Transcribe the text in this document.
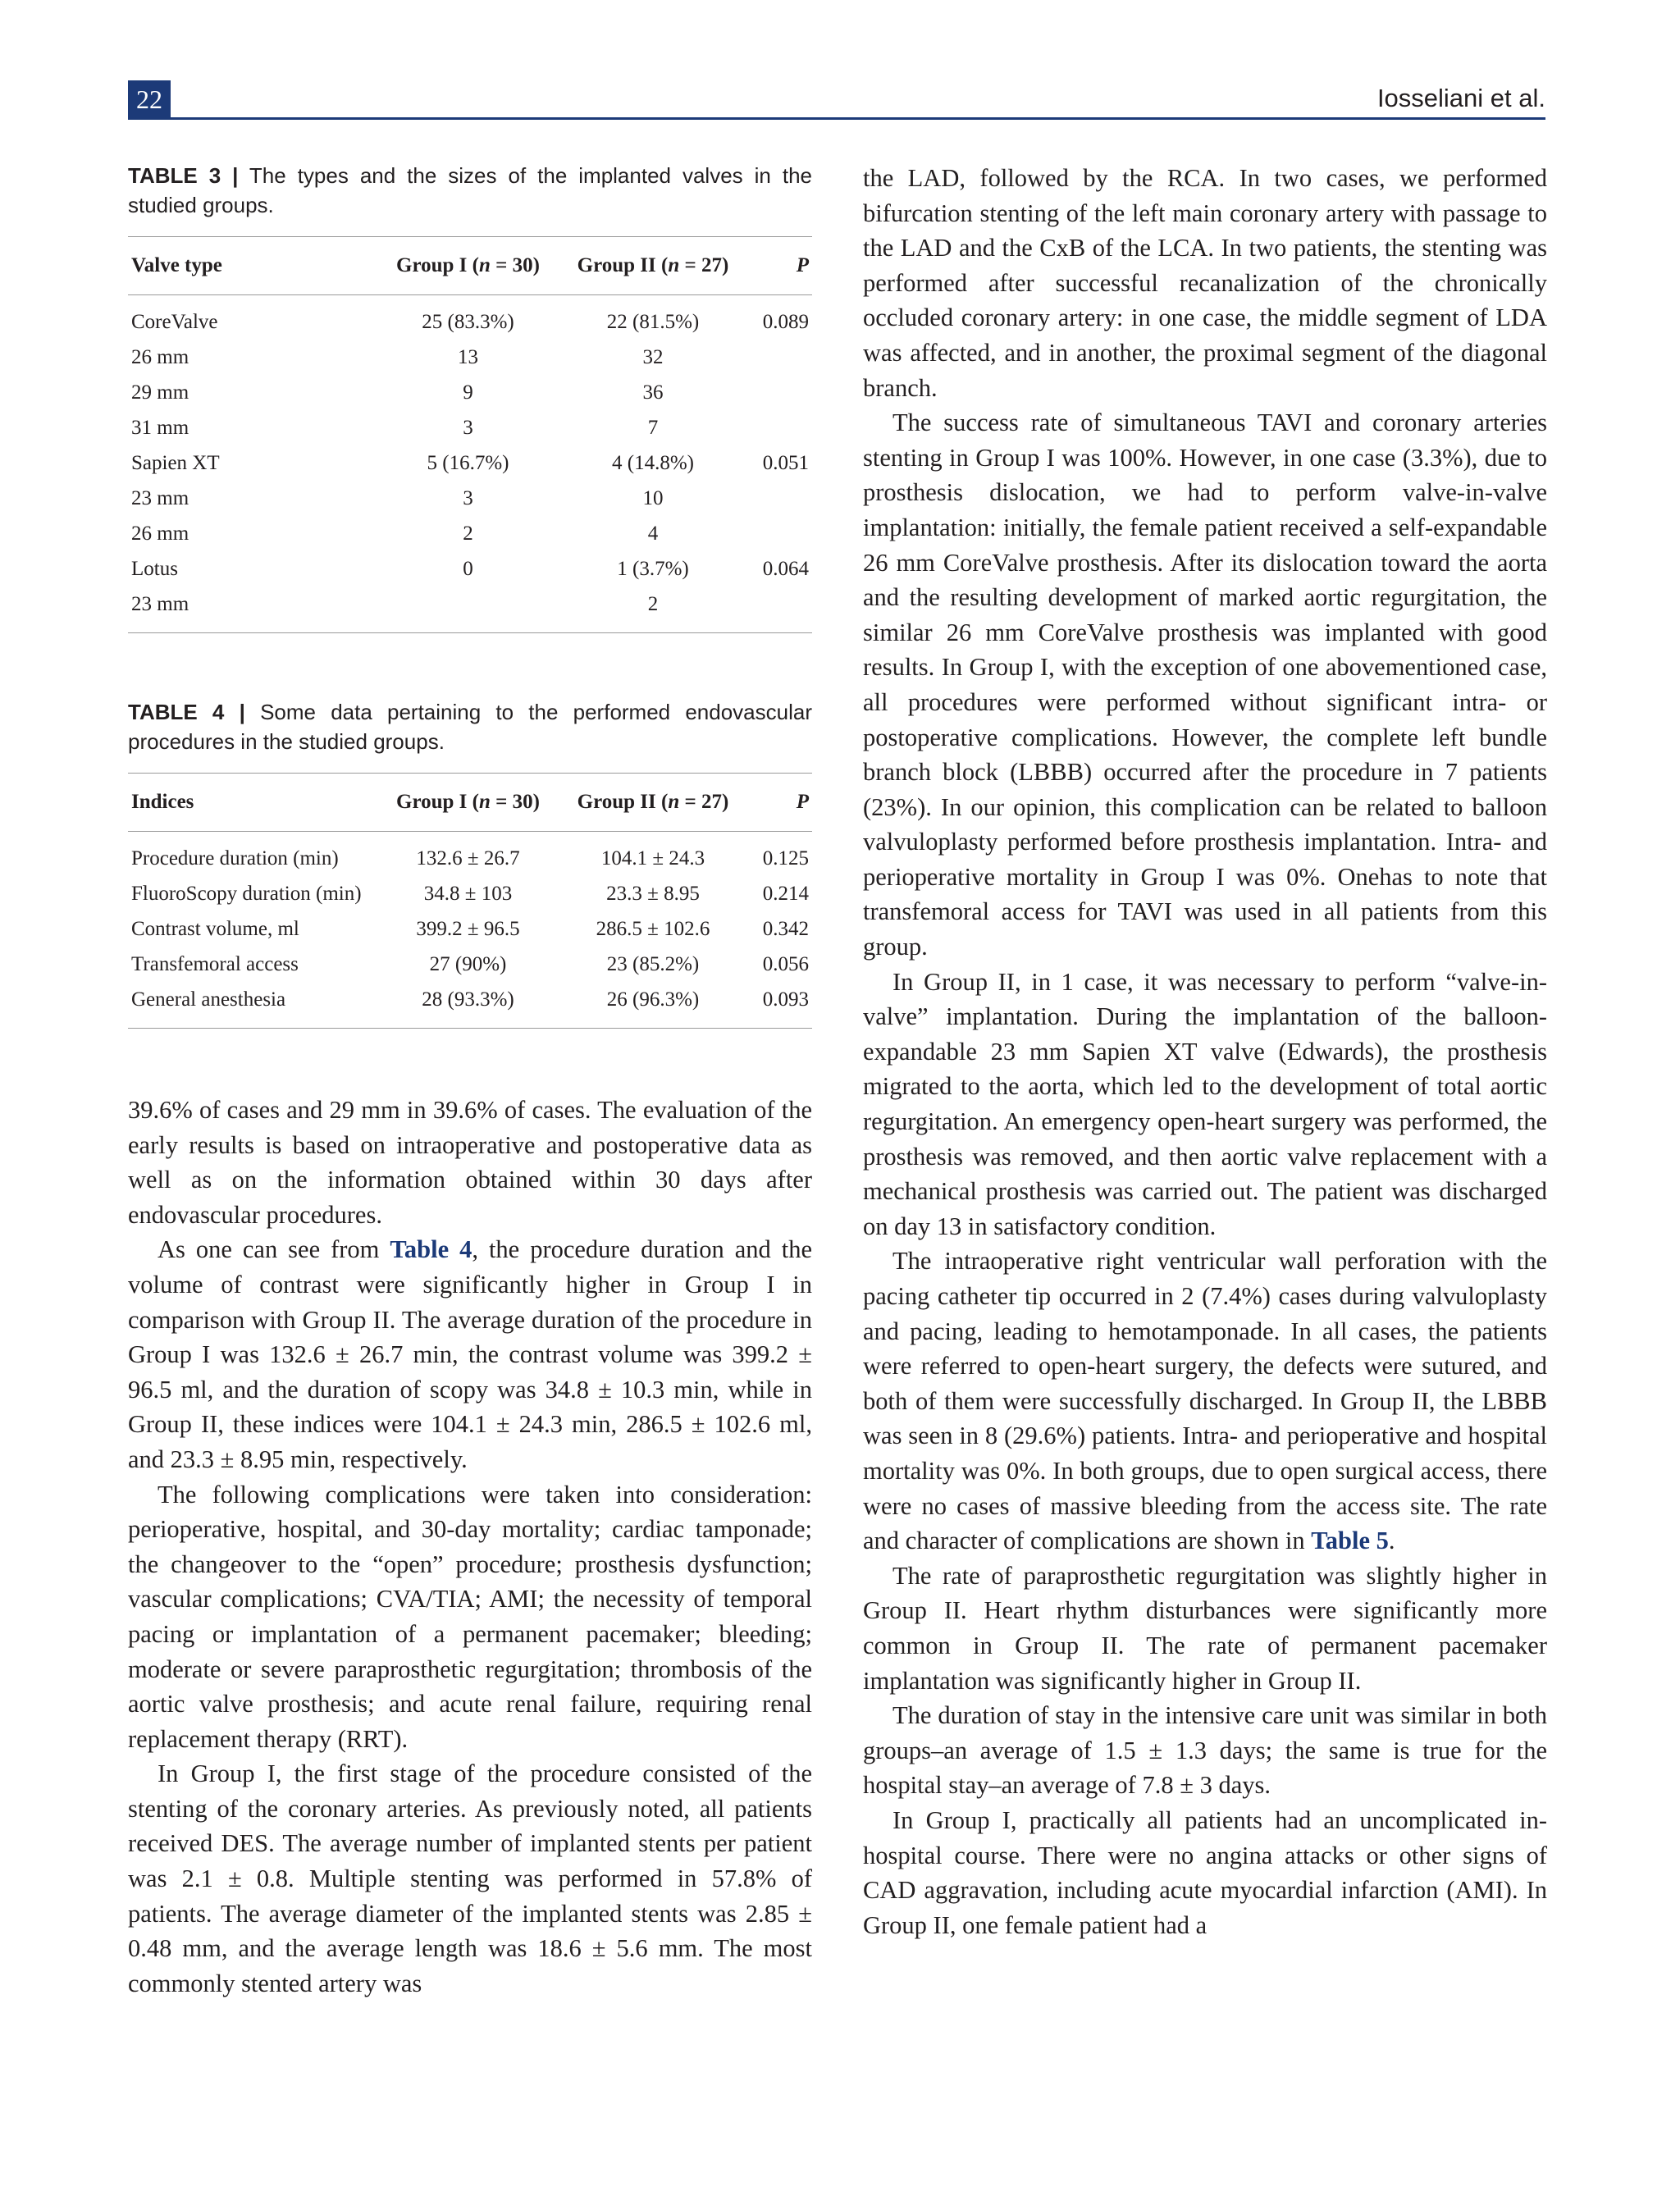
22	Iosseliani et al.

TABLE 3 | The types and the sizes of the implanted valves in the studied groups.

Valve type	Group I (n = 30)	Group II (n = 27)	P
CoreValve	25 (83.3%)	22 (81.5%)	0.089
26 mm	13	32	
29 mm	9	36	
31 mm	3	7	
Sapien XT	5 (16.7%)	4 (14.8%)	0.051
23 mm	3	10	
26 mm	2	4	
Lotus	0	1 (3.7%)	0.064
23 mm		2	

TABLE 4 | Some data pertaining to the performed endovascular procedures in the studied groups.

Indices	Group I (n = 30)	Group II (n = 27)	P
Procedure duration (min)	132.6 ± 26.7	104.1 ± 24.3	0.125
FluoroScopy duration (min)	34.8 ± 103	23.3 ± 8.95	0.214
Contrast volume, ml	399.2 ± 96.5	286.5 ± 102.6	0.342
Transfemoral access	27 (90%)	23 (85.2%)	0.056
General anesthesia	28 (93.3%)	26 (96.3%)	0.093

39.6% of cases and 29 mm in 39.6% of cases. The evaluation of the early results is based on intraoperative and postoperative data as well as on the information obtained within 30 days after endovascular procedures.

As one can see from Table 4, the procedure duration and the volume of contrast were significantly higher in Group I in comparison with Group II. The average duration of the procedure in Group I was 132.6 ± 26.7 min, the contrast volume was 399.2 ± 96.5 ml, and the duration of scopy was 34.8 ± 10.3 min, while in Group II, these indices were 104.1 ± 24.3 min, 286.5 ± 102.6 ml, and 23.3 ± 8.95 min, respectively.

The following complications were taken into consideration: perioperative, hospital, and 30-day mortality; cardiac tamponade; the changeover to the “open” procedure; prosthesis dysfunction; vascular complications; CVA/TIA; AMI; the necessity of temporal pacing or implantation of a permanent pacemaker; bleeding; moderate or severe paraprosthetic regurgitation; thrombosis of the aortic valve prosthesis; and acute renal failure, requiring renal replacement therapy (RRT).

In Group I, the first stage of the procedure consisted of the stenting of the coronary arteries. As previously noted, all patients received DES. The average number of implanted stents per patient was 2.1 ± 0.8. Multiple stenting was performed in 57.8% of patients. The average diameter of the implanted stents was 2.85 ± 0.48 mm, and the average length was 18.6 ± 5.6 mm. The most commonly stented artery was

the LAD, followed by the RCA. In two cases, we performed bifurcation stenting of the left main coronary artery with passage to the LAD and the CxB of the LCA. In two patients, the stenting was performed after successful recanalization of the chronically occluded coronary artery: in one case, the middle segment of LDA was affected, and in another, the proximal segment of the diagonal branch.

The success rate of simultaneous TAVI and coronary arteries stenting in Group I was 100%. However, in one case (3.3%), due to prosthesis dislocation, we had to perform valve-in-valve implantation: initially, the female patient received a self-expandable 26 mm CoreValve prosthesis. After its dislocation toward the aorta and the resulting development of marked aortic regurgitation, the similar 26 mm CoreValve prosthesis was implanted with good results. In Group I, with the exception of one abovementioned case, all procedures were performed without significant intra- or postoperative complications. However, the complete left bundle branch block (LBBB) occurred after the procedure in 7 patients (23%). In our opinion, this complication can be related to balloon valvuloplasty performed before prosthesis implantation. Intra- and perioperative mortality in Group I was 0%. Onehas to note that transfemoral access for TAVI was used in all patients from this group.

In Group II, in 1 case, it was necessary to perform “valve-in-valve” implantation. During the implantation of the balloon-expandable 23 mm Sapien XT valve (Edwards), the prosthesis migrated to the aorta, which led to the development of total aortic regurgitation. An emergency open-heart surgery was performed, the prosthesis was removed, and then aortic valve replacement with a mechanical prosthesis was carried out. The patient was discharged on day 13 in satisfactory condition.

The intraoperative right ventricular wall perforation with the pacing catheter tip occurred in 2 (7.4%) cases during valvuloplasty and pacing, leading to hemotamponade. In all cases, the patients were referred to open-heart surgery, the defects were sutured, and both of them were successfully discharged. In Group II, the LBBB was seen in 8 (29.6%) patients. Intra- and perioperative and hospital mortality was 0%. In both groups, due to open surgical access, there were no cases of massive bleeding from the access site. The rate and character of complications are shown in Table 5.

The rate of paraprosthetic regurgitation was slightly higher in Group II. Heart rhythm disturbances were significantly more common in Group II. The rate of permanent pacemaker implantation was significantly higher in Group II.

The duration of stay in the intensive care unit was similar in both groups–an average of 1.5 ± 1.3 days; the same is true for the hospital stay–an average of 7.8 ± 3 days.

In Group I, practically all patients had an uncomplicated in-hospital course. There were no angina attacks or other signs of CAD aggravation, including acute myocardial infarction (AMI). In Group II, one female patient had a
